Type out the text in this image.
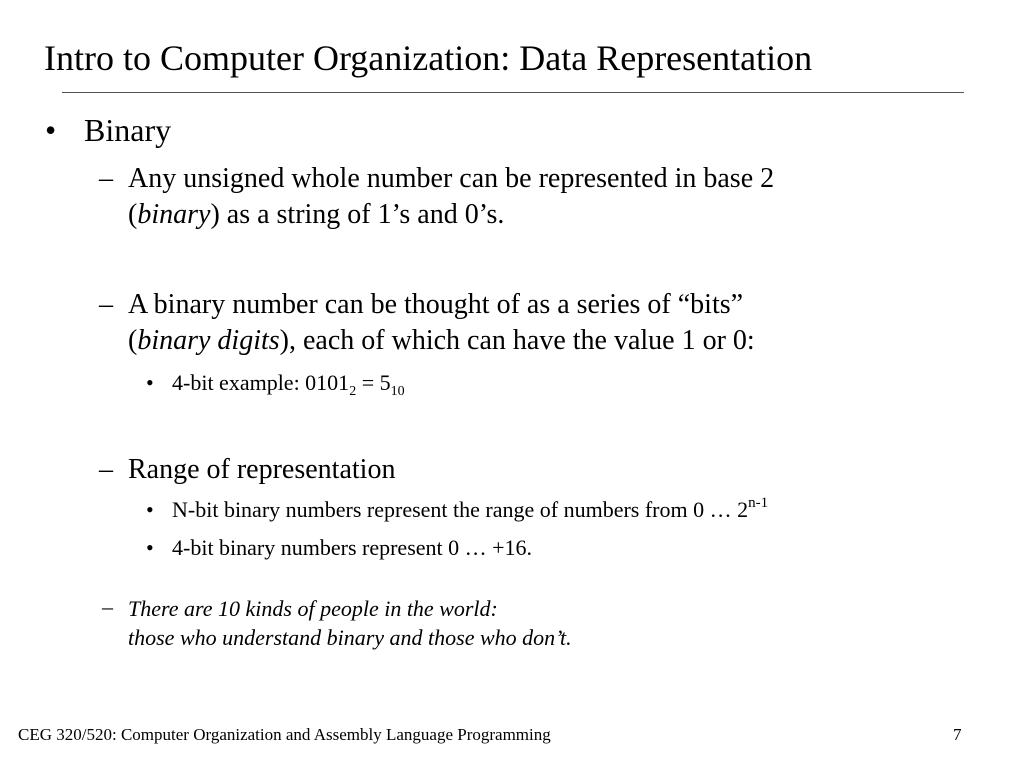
Intro to Computer Organization: Data Representation
• Binary
– Any unsigned whole number can be represented in base 2
(binary) as a string of 1’s and 0’s.
– A binary number can be thought of as a series of “bits”
(binary digits), each of which can have the value 1 or 0:
• 4-bit example: $0101_2 = 5_{10}$
– Range of representation
• N-bit binary numbers represent the range of numbers from 0 … 2$^{n-1}$
• 4-bit binary numbers represent 0 … +16.
– There are 10 kinds of people in the world:
those who understand binary and those who don’t.
CEG 320/520: Computer Organization and Assembly Language Programming	7
